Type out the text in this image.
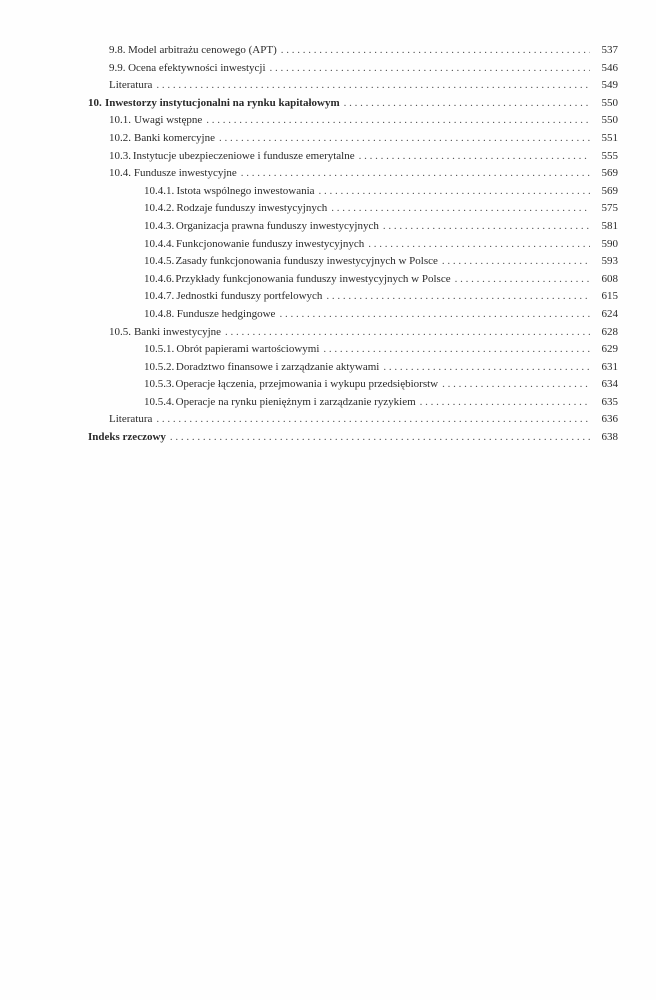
9.8. Model arbitrażu cenowego (APT) . . .	537
9.9. Ocena efektywności inwestycji . . .	546
Literatura . . .	549
10. Inwestorzy instytucjonalni na rynku kapitałowym . . .	550
10.1. Uwagi wstępne . . .	550
10.2. Banki komercyjne . . .	551
10.3. Instytucje ubezpieczeniowe i fundusze emerytalne . . .	555
10.4. Fundusze inwestycyjne . . .	569
10.4.1. Istota wspólnego inwestowania . . .	569
10.4.2. Rodzaje funduszy inwestycyjnych . . .	575
10.4.3. Organizacja prawna funduszy inwestycyjnych . . .	581
10.4.4. Funkcjonowanie funduszy inwestycyjnych . . .	590
10.4.5. Zasady funkcjonowania funduszy inwestycyjnych w Polsce . . .	593
10.4.6. Przykłady funkcjonowania funduszy inwestycyjnych w Polsce . . .	608
10.4.7. Jednostki funduszy portfelowych . . .	615
10.4.8. Fundusze hedgingowe . . .	624
10.5. Banki inwestycyjne . . .	628
10.5.1. Obrót papierami wartościowymi . . .	629
10.5.2. Doradztwo finansowe i zarządzanie aktywami . . .	631
10.5.3. Operacje łączenia, przejmowania i wykupu przedsiębiorstw . . .	634
10.5.4. Operacje na rynku pieniężnym i zarządzanie ryzykiem . . .	635
Literatura . . .	636
Indeks rzeczowy . . .	638
